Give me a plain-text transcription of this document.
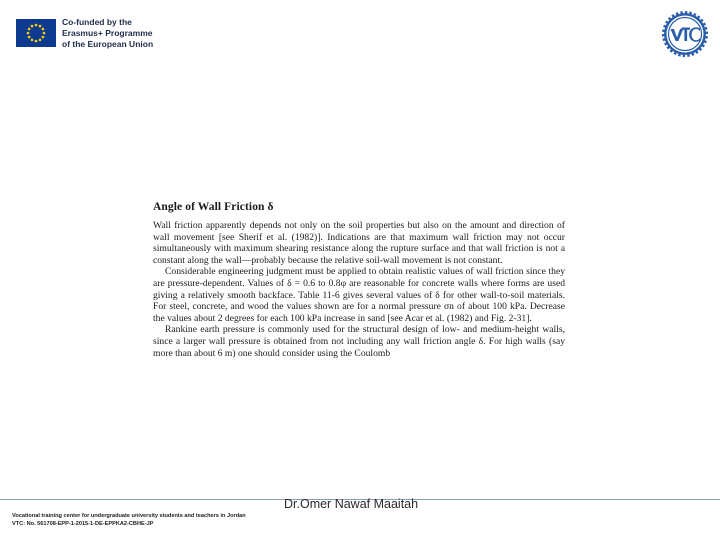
Co-funded by the
Erasmus+ Programme
of the European Union
Angle of Wall Friction δ

Wall friction apparently depends not only on the soil properties but also on the amount and direction of wall movement [see Sherif et al. (1982)]. Indications are that maximum wall friction may not occur simultaneously with maximum shearing resistance along the rupture surface and that wall friction is not a constant along the wall—probably because the relative soil-wall movement is not constant.

Considerable engineering judgment must be applied to obtain realistic values of wall friction since they are pressure-dependent. Values of δ = 0.6 to 0.8φ are reasonable for concrete walls where forms are used giving a relatively smooth backface. Table 11-6 gives several values of δ for other wall-to-soil materials. For steel, concrete, and wood the values shown are for a normal pressure σn of about 100 kPa. Decrease the values about 2 degrees for each 100 kPa increase in sand [see Acar et al. (1982) and Fig. 2-31].

Rankine earth pressure is commonly used for the structural design of low- and medium-height walls, since a larger wall pressure is obtained from not including any wall friction angle δ. For high walls (say more than about 6 m) one should consider using the Coulomb

Dr.Omer Nawaf Maaitah
Vocational training center for undergraduate university students and teachers in Jordan
VTC: No. 561708-EPP-1-2015-1-DE-EPPKA2-CBHE-JP
